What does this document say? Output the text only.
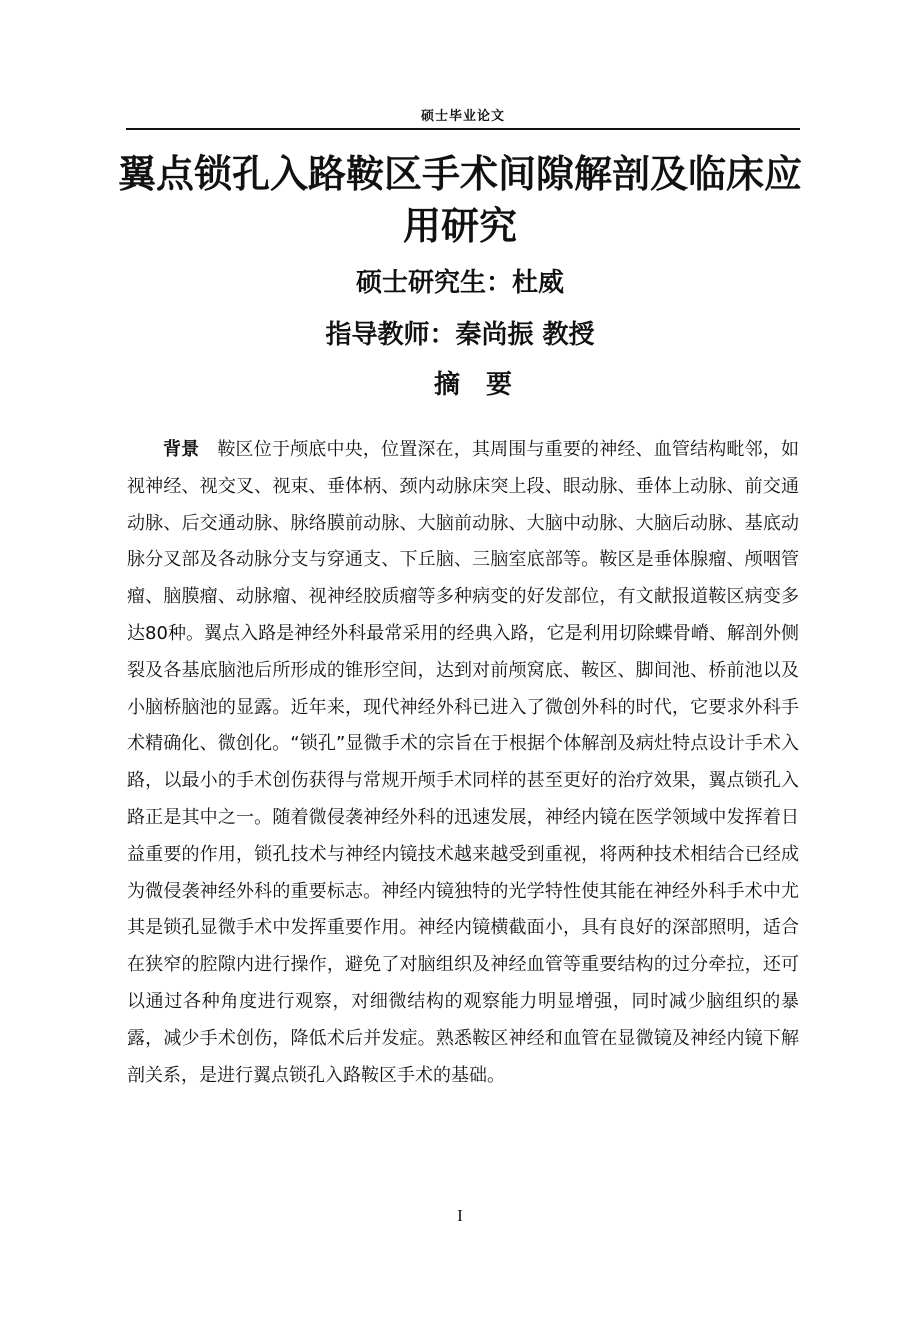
硕士毕业论文
翼点锁孔入路鞍区手术间隙解剖及临床应用研究
硕士研究生：杜威
指导教师：秦尚振 教授
摘要

背景 鞍区位于颅底中央，位置深在，其周围与重要的神经、血管结构毗邻，如视神经、视交叉、视束、垂体柄、颈内动脉床突上段、眼动脉、垂体上动脉、前交通动脉、后交通动脉、脉络膜前动脉、大脑前动脉、大脑中动脉、大脑后动脉、基底动脉分叉部及各动脉分支与穿通支、下丘脑、三脑室底部等。鞍区是垂体腺瘤、颅咽管瘤、脑膜瘤、动脉瘤、视神经胶质瘤等多种病变的好发部位，有文献报道鞍区病变多达80种。翼点入路是神经外科最常采用的经典入路，它是利用切除蝶骨嵴、解剖外侧裂及各基底脑池后所形成的锥形空间，达到对前颅窝底、鞍区、脚间池、桥前池以及小脑桥脑池的显露。近年来，现代神经外科已进入了微创外科的时代，它要求外科手术精确化、微创化。“锁孔”显微手术的宗旨在于根据个体解剖及病灶特点设计手术入路，以最小的手术创伤获得与常规开颅手术同样的甚至更好的治疗效果，翼点锁孔入路正是其中之一。随着微侵袭神经外科的迅速发展，神经内镜在医学领域中发挥着日益重要的作用，锁孔技术与神经内镜技术越来越受到重视，将两种技术相结合已经成为微侵袭神经外科的重要标志。神经内镜独特的光学特性使其能在神经外科手术中尤其是锁孔显微手术中发挥重要作用。神经内镜横截面小，具有良好的深部照明，适合在狭窄的腔隙内进行操作，避免了对脑组织及神经血管等重要结构的过分牵拉，还可以通过各种角度进行观察，对细微结构的观察能力明显增强，同时减少脑组织的暴露，减少手术创伤，降低术后并发症。熟悉鞍区神经和血管在显微镜及神经内镜下解剖关系，是进行翼点锁孔入路鞍区手术的基础。

I
